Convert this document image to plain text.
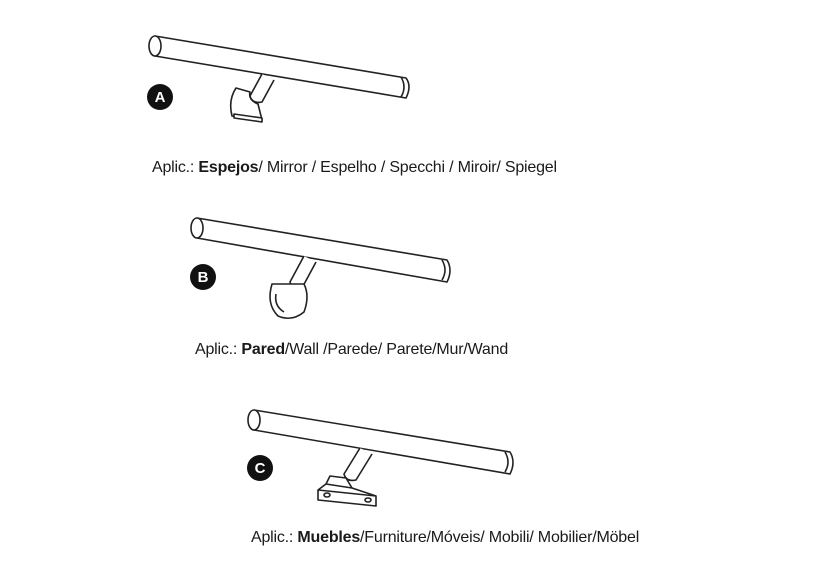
A
Aplic.: Espejos/ Mirror / Espelho / Specchi / Miroir/ Spiegel
B
Aplic.: Pared/Wall /Parede/ Parete/Mur/Wand
C
Aplic.: Muebles/Furniture/Móveis/ Mobili/ Mobilier/Möbel
